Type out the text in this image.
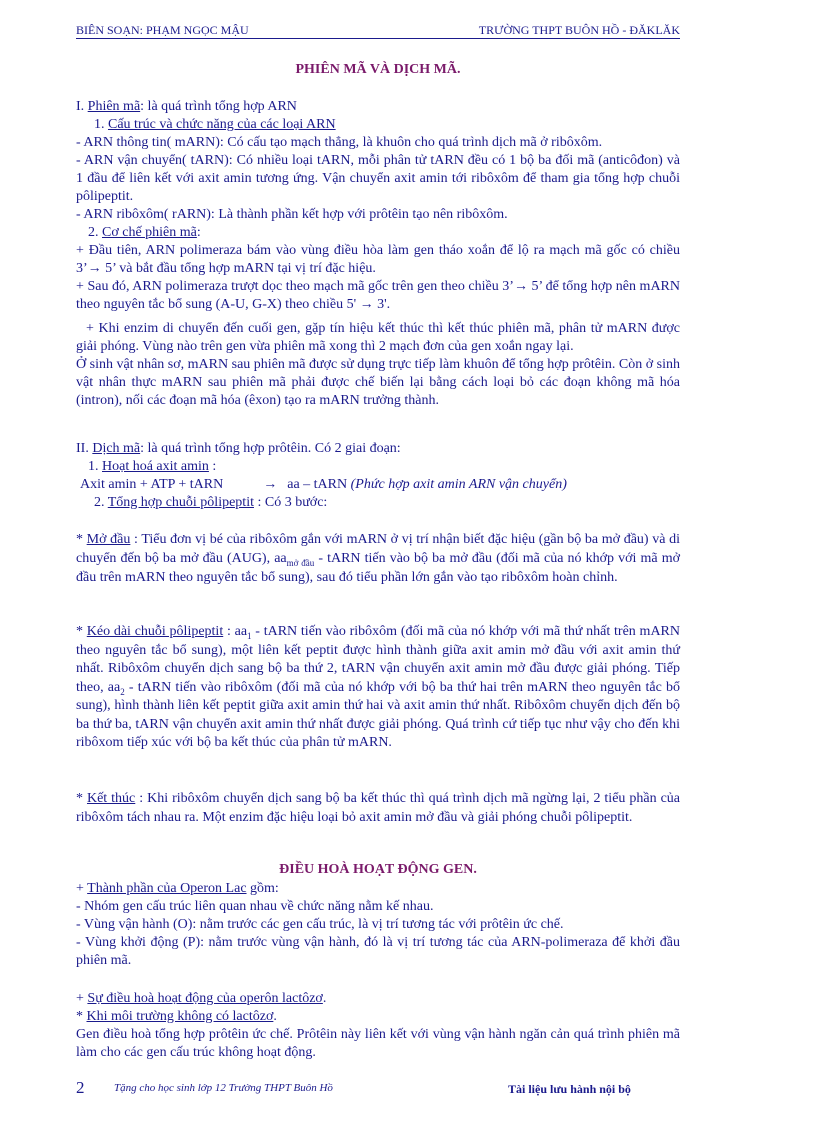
BIÊN SOẠN: PHẠM NGỌC MẬU	TRƯỜNG THPT BUÔN HỒ - ĐĂKLĂK
PHIÊN MÃ VÀ DỊCH MÃ.

I. Phiên mã: là quá trình tổng hợp ARN

1. Cấu trúc và chức năng của các loại ARN

- ARN thông tin( mARN): Có cấu tạo mạch thẳng, là khuôn cho quá trình dịch mã ở ribôxôm.

- ARN vận chuyển( tARN): Có nhiều loại tARN, mỗi phân tử tARN đều có 1 bộ ba đối mã (anticôđon) và 1 đầu để liên kết với axit amin tương ứng. Vận chuyển axit amin tới ribôxôm để tham gia tổng hợp chuỗi pôlipeptit.

- ARN ribôxôm( rARN): Là thành phần kết hợp với prôtêin tạo nên ribôxôm.

2. Cơ chế phiên mã:

+ Đầu tiên, ARN polimeraza bám vào vùng điều hòa làm gen tháo xoắn để lộ ra mạch mã gốc có chiều 3’→ 5’ và bắt đầu tổng hợp mARN tại vị trí đặc hiệu.

+ Sau đó, ARN polimeraza trượt dọc theo mạch mã gốc trên gen theo chiều 3’→ 5’ để tổng hợp nên mARN theo nguyên tắc bổ sung (A-U, G-X) theo chiều 5' → 3'.

+ Khi enzim di chuyển đến cuối gen, gặp tín hiệu kết thúc thì kết thúc phiên mã, phân tử mARN được giải phóng. Vùng nào trên gen vừa phiên mã xong thì 2 mạch đơn của gen xoắn ngay lại.

Ở sinh vật nhân sơ, mARN sau phiên mã được sử dụng trực tiếp làm khuôn để tổng hợp prôtêin. Còn ở sinh vật nhân thực mARN sau phiên mã phải được chế biến lại bằng cách loại bỏ các đoạn không mã hóa (intron), nối các đoạn mã hóa (êxon) tạo ra mARN trưởng thành.

II. Dịch mã: là quá trình tổng hợp prôtêin. Có 2 giai đoạn:

1. Hoạt hoá axit amin :

Axit amin + ATP + tARN	→ aa – tARN (Phức hợp axit amin ARN vận chuyển)

2. Tổng hợp chuỗi pôlipeptit : Có 3 bước:

* Mở đầu : Tiểu đơn vị bé của ribôxôm gắn với mARN ở vị trí nhận biết đặc hiệu (gần bộ ba mở đầu) và di chuyển đến bộ ba mở đầu (AUG), $aa_{mở đầu}$ - tARN tiến vào bộ ba mở đầu (đối mã của nó khớp với mã mở đầu trên mARN theo nguyên tắc bổ sung), sau đó tiểu phần lớn gắn vào tạo ribôxôm hoàn chỉnh.
* Kéo dài chuỗi pôlipeptit : $aa_1$ - tARN tiến vào ribôxôm (đối mã của nó khớp với mã thứ nhất trên mARN theo nguyên tắc bổ sung), một liên kết peptit được hình thành giữa axit amin mở đầu với axit amin thứ nhất. Ribôxôm chuyển dịch sang bộ ba thứ 2, tARN vận chuyển axit amin mở đầu được giải phóng. Tiếp theo, $aa_2$ - tARN tiến vào ribôxôm (đối mã của nó khớp với bộ ba thứ hai trên mARN theo nguyên tắc bổ sung), hình thành liên kết peptit giữa axit amin thứ hai và axit amin thứ nhất. Ribôxôm chuyển dịch đến bộ ba thứ ba, tARN vận chuyển axit amin thứ nhất được giải phóng. Quá trình cứ tiếp tục như vậy cho đến khi ribôxom tiếp xúc với bộ ba kết thúc của phân tử mARN.
* Kết thúc : Khi ribôxôm chuyển dịch sang bộ ba kết thúc thì quá trình dịch mã ngừng lại, 2 tiểu phần của ribôxôm tách nhau ra. Một enzim đặc hiệu loại bỏ axit amin mở đầu và giải phóng chuỗi pôlipeptit.
ĐIỀU HOÀ HOẠT ĐỘNG GEN.

+ Thành phần của Operon Lac gồm:

- Nhóm gen cấu trúc liên quan nhau về chức năng nằm kế nhau.

- Vùng vận hành (O): nằm trước các gen cấu trúc, là vị trí tương tác với prôtêin ức chế.

- Vùng khởi động (P): nằm trước vùng vận hành, đó là vị trí tương tác của ARN-polimeraza để khởi đầu phiên mã.

+ Sự điều hoà hoạt động của operôn lactôzơ.

* Khi môi trường không có lactôzơ.

Gen điều hoà tổng hợp prôtêin ức chế. Prôtêin này liên kết với vùng vận hành ngăn cản quá trình phiên mã làm cho các gen cấu trúc không hoạt động.

2	Tặng cho học sinh lớp 12 Trường THPT Buôn Hồ	Tài liệu lưu hành nội bộ
